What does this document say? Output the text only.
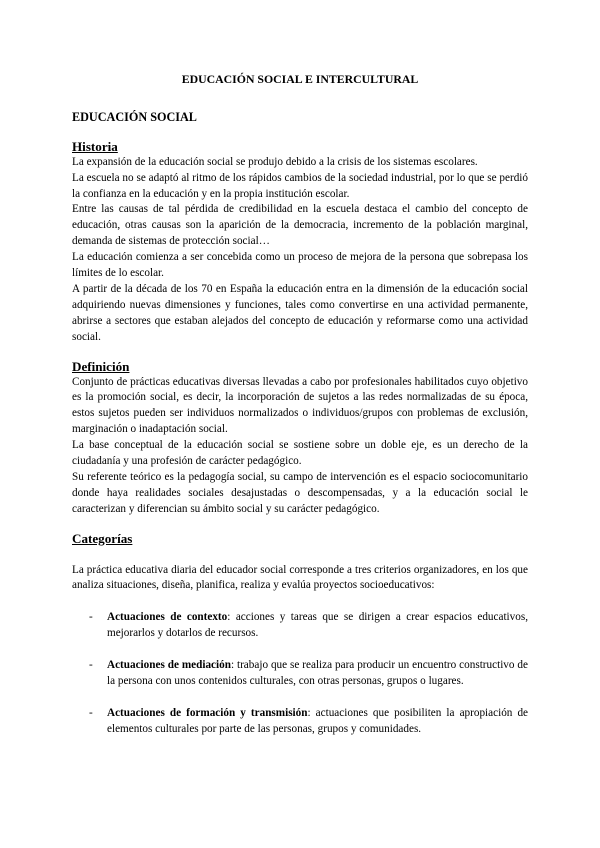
EDUCACIÓN SOCIAL E INTERCULTURAL
EDUCACIÓN SOCIAL
Historia

La expansión de la educación social se produjo debido a la crisis de los sistemas escolares.

La escuela no se adaptó al ritmo de los rápidos cambios de la sociedad industrial, por lo que se perdió la confianza en la educación y en la propia institución escolar.

Entre las causas de tal pérdida de credibilidad en la escuela destaca el cambio del concepto de educación, otras causas son la aparición de la democracia, incremento de la población marginal, demanda de sistemas de protección social…

La educación comienza a ser concebida como un proceso de mejora de la persona que sobrepasa los límites de lo escolar.

A partir de la década de los 70 en España la educación entra en la dimensión de la educación social adquiriendo nuevas dimensiones y funciones, tales como convertirse en una actividad permanente, abrirse a sectores que estaban alejados del concepto de educación y reformarse como una actividad social.

Definición

Conjunto de prácticas educativas diversas llevadas a cabo por profesionales habilitados cuyo objetivo es la promoción social, es decir, la incorporación de sujetos a las redes normalizadas de su época, estos sujetos pueden ser individuos normalizados o individuos/grupos con problemas de exclusión, marginación o inadaptación social.

La base conceptual de la educación social se sostiene sobre un doble eje, es un derecho de la ciudadanía y una profesión de carácter pedagógico.

Su referente teórico es la pedagogía social, su campo de intervención es el espacio sociocomunitario donde haya realidades sociales desajustadas o descompensadas, y a la educación social le caracterizan y diferencian su ámbito social y su carácter pedagógico.

Categorías

La práctica educativa diaria del educador social corresponde a tres criterios organizadores, en los que analiza situaciones, diseña, planifica, realiza y evalúa proyectos socioeducativos:

- Actuaciones de contexto: acciones y tareas que se dirigen a crear espacios educativos, mejorarlos y dotarlos de recursos.
- Actuaciones de mediación: trabajo que se realiza para producir un encuentro constructivo de la persona con unos contenidos culturales, con otras personas, grupos o lugares.
- Actuaciones de formación y transmisión: actuaciones que posibiliten la apropiación de elementos culturales por parte de las personas, grupos y comunidades.
